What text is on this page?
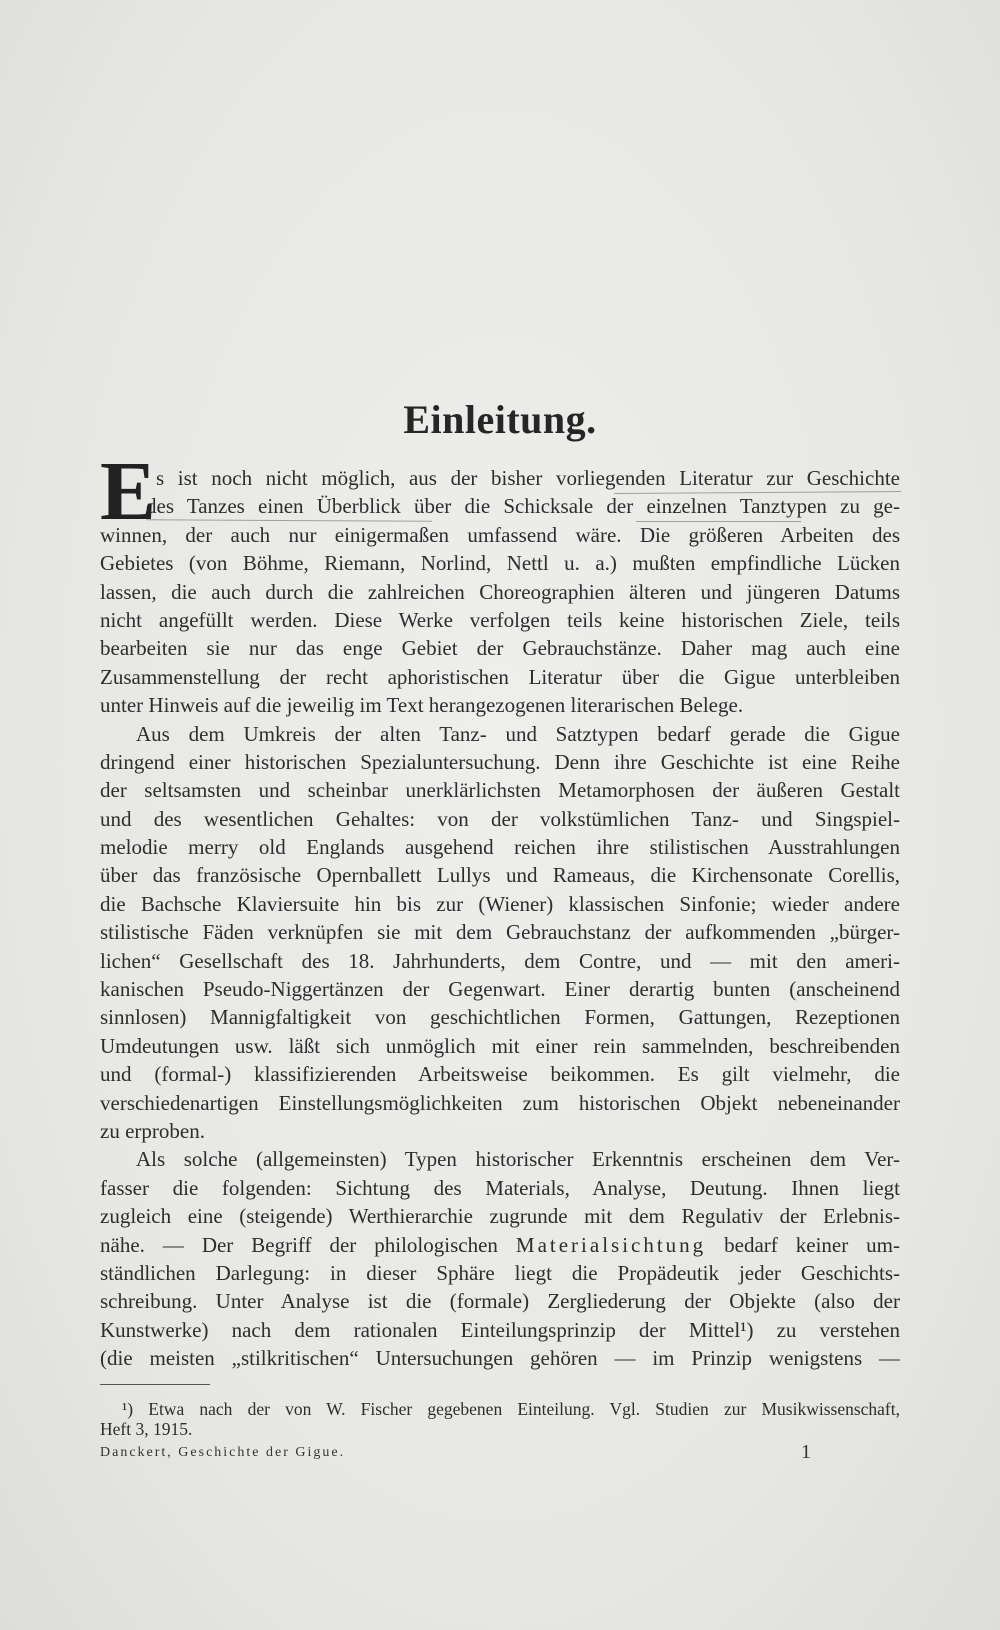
Einleitung.
E s ist noch nicht möglich, aus der bisher vorliegenden Literatur zur Geschichte
des Tanzes einen Überblick über die Schicksale der einzelnen Tanztypen zu ge-
winnen, der auch nur einigermaßen umfassend wäre. Die größeren Arbeiten des
Gebietes (von Böhme, Riemann, Norlind, Nettl u. a.) mußten empfindliche Lücken
lassen, die auch durch die zahlreichen Choreographien älteren und jüngeren Datums
nicht angefüllt werden. Diese Werke verfolgen teils keine historischen Ziele, teils
bearbeiten sie nur das enge Gebiet der Gebrauchstänze. Daher mag auch eine
Zusammenstellung der recht aphoristischen Literatur über die Gigue unterbleiben
unter Hinweis auf die jeweilig im Text herangezogenen literarischen Belege.
Aus dem Umkreis der alten Tanz- und Satztypen bedarf gerade die Gigue
dringend einer historischen Spezialuntersuchung. Denn ihre Geschichte ist eine Reihe
der seltsamsten und scheinbar unerklärlichsten Metamorphosen der äußeren Gestalt
und des wesentlichen Gehaltes: von der volkstümlichen Tanz- und Singspiel-
melodie merry old Englands ausgehend reichen ihre stilistischen Ausstrahlungen
über das französische Opernballett Lullys und Rameaus, die Kirchensonate Corellis,
die Bachsche Klaviersuite hin bis zur (Wiener) klassischen Sinfonie; wieder andere
stilistische Fäden verknüpfen sie mit dem Gebrauchstanz der aufkommenden „bürger-
lichen“ Gesellschaft des 18. Jahrhunderts, dem Contre, und — mit den ameri-
kanischen Pseudo-Niggertänzen der Gegenwart. Einer derartig bunten (anscheinend
sinnlosen) Mannigfaltigkeit von geschichtlichen Formen, Gattungen, Rezeptionen
Umdeutungen usw. läßt sich unmöglich mit einer rein sammelnden, beschreibenden
und (formal-) klassifizierenden Arbeitsweise beikommen. Es gilt vielmehr, die
verschiedenartigen Einstellungsmöglichkeiten zum historischen Objekt nebeneinander
zu erproben.
Als solche (allgemeinsten) Typen historischer Erkenntnis erscheinen dem Ver-
fasser die folgenden: Sichtung des Materials, Analyse, Deutung. Ihnen liegt
zugleich eine (steigende) Werthierarchie zugrunde mit dem Regulativ der Erlebnis-
nähe. — Der Begriff der philologischen Materialsichtung bedarf keiner um-
ständlichen Darlegung: in dieser Sphäre liegt die Propädeutik jeder Geschichts-
schreibung. Unter Analyse ist die (formale) Zergliederung der Objekte (also der
Kunstwerke) nach dem rationalen Einteilungsprinzip der Mittel¹) zu verstehen
(die meisten „stilkritischen“ Untersuchungen gehören — im Prinzip wenigstens —
¹) Etwa nach der von W. Fischer gegebenen Einteilung. Vgl. Studien zur Musikwissenschaft,
Heft 3, 1915.
Danckert, Geschichte der Gigue.	1
